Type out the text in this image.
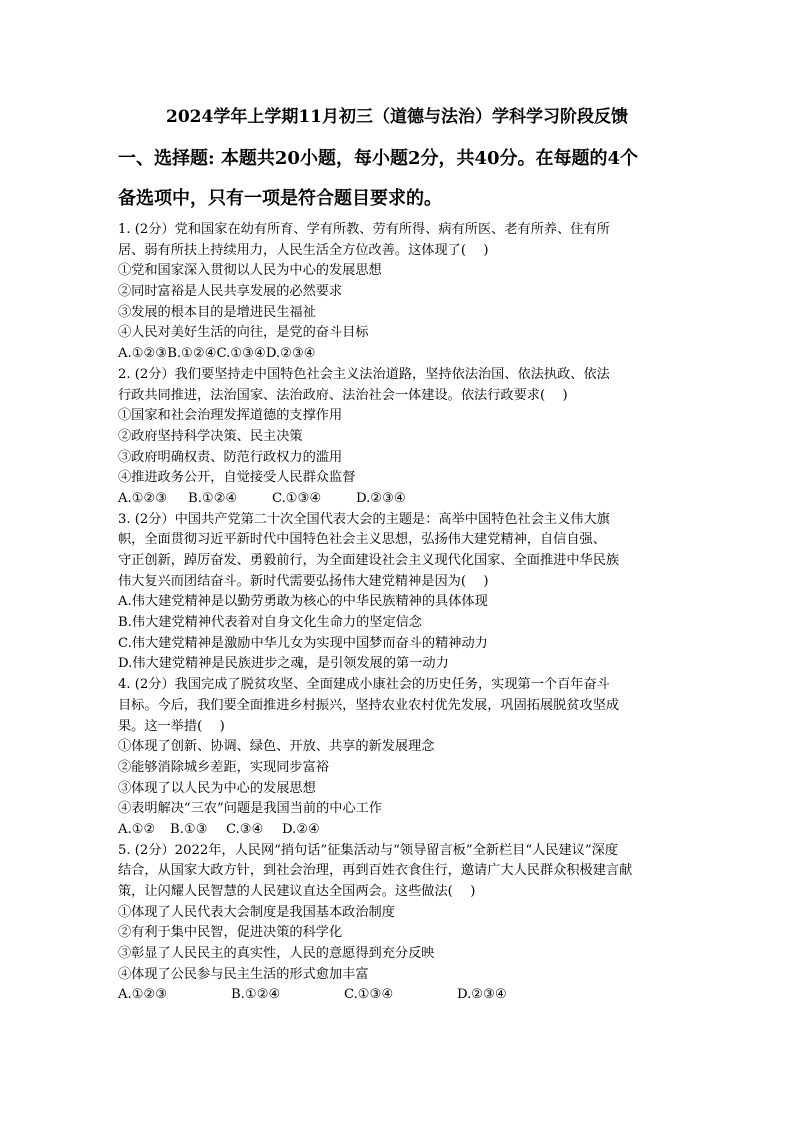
2024学年上学期11月初三（道德与法治）学科学习阶段反馈
一、选择题: 本题共20小题，每小题2分，共40分。在每题的4个
备选项中，只有一项是符合题目要求的。
1. (2分）党和国家在幼有所育、学有所教、劳有所得、病有所医、老有所养、住有所
居、弱有所扶上持续用力，人民生活全方位改善。这体现了(　 )
①党和国家深入贯彻以人民为中心的发展思想
②同时富裕是人民共享发展的必然要求
③发展的根本目的是增进民生福祉
④人民对美好生活的向往，是党的奋斗目标
A.①②③ B.①②④ C.①③④ D.②③④
2. (2分）我们要坚持走中国特色社会主义法治道路，坚持依法治国、依法执政、依法
行政共同推进，法治国家、法治政府、法治社会一体建设。依法行政要求(　 )
①国家和社会治理发挥道德的支撑作用
②政府坚持科学决策、民主决策
③政府明确权责、防范行政权力的滥用
④推进政务公开，自觉接受人民群众监督
A.①②③	B.①②④	C.①③④	D.②③④
3. (2分）中国共产党第二十次全国代表大会的主题是：高举中国特色社会主义伟大旗
帜，全面贯彻习近平新时代中国特色社会主义思想，弘扬伟大建党精神，自信自强、
守正创新，踔厉奋发、勇毅前行，为全面建设社会主义现代化国家、全面推进中华民族
伟大复兴而团结奋斗。新时代需要弘扬伟大建党精神是因为(　 )
A.伟大建党精神是以勤劳勇敢为核心的中华民族精神的具体体现
B.伟大建党精神代表着对自身文化生命力的坚定信念
C.伟大建党精神是激励中华儿女为实现中国梦而奋斗的精神动力
D.伟大建党精神是民族进步之魂，是引领发展的第一动力
4. (2分）我国完成了脱贫攻坚、全面建成小康社会的历史任务，实现第一个百年奋斗
目标。今后，我们要全面推进乡村振兴，坚持农业农村优先发展，巩固拓展脱贫攻坚成
果。这一举措(　 )
①体现了创新、协调、绿色、开放、共享的新发展理念
②能够消除城乡差距，实现同步富裕
③体现了以人民为中心的发展思想
④表明解决“三农”问题是我国当前的中心工作
A.①②	B.①③	C.③④	D.②④
5. (2分）2022年，人民网“捎句话”征集活动与“领导留言板”全新栏目“人民建议”深度
结合，从国家大政方针，到社会治理，再到百姓衣食住行，邀请广大人民群众积极建言献
策，让闪耀人民智慧的人民建议直达全国两会。这些做法(　 )
①体现了人民代表大会制度是我国基本政治制度
②有利于集中民智，促进决策的科学化
③彰显了人民民主的真实性，人民的意愿得到充分反映
④体现了公民参与民主生活的形式愈加丰富
A.①②③	B.①②④	C.①③④	D.②③④
